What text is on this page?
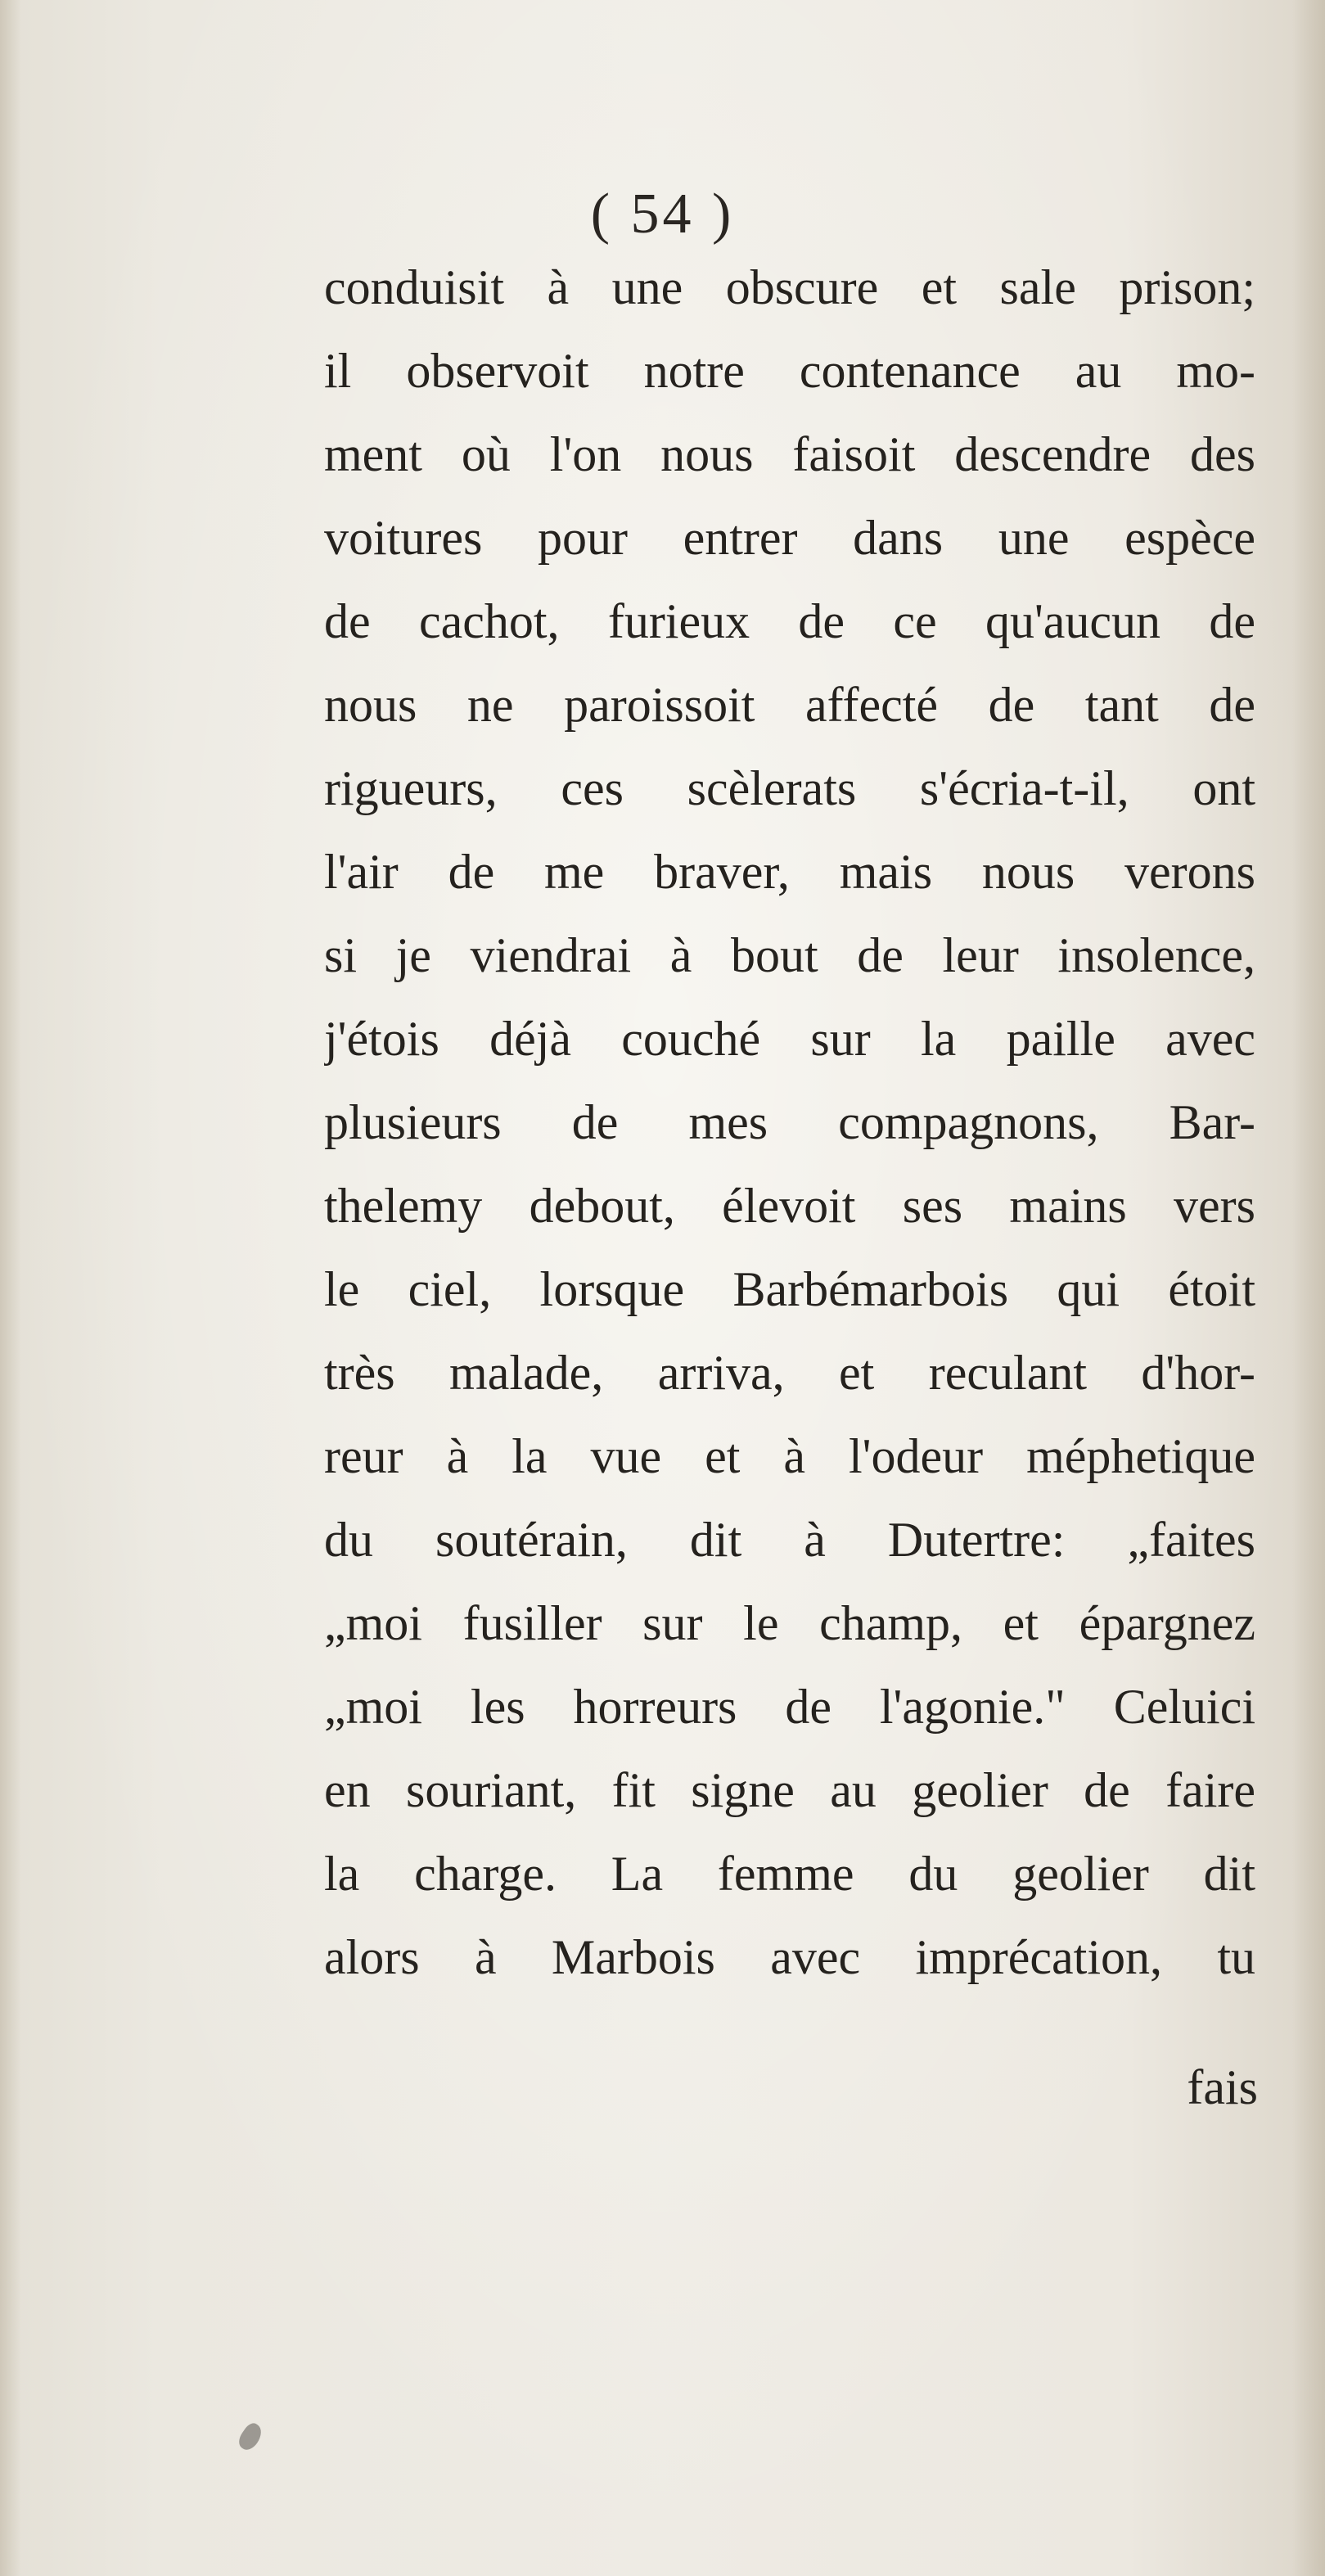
( 54 )
conduisit à une obscure et sale prison;
il observoit notre contenance au mo-
ment où l'on nous faisoit descendre des
voitures pour entrer dans une espèce
de cachot, furieux de ce qu'aucun de
nous ne paroissoit affecté de tant de
rigueurs, ces scèlerats s'écria-t-il, ont
l'air de me braver, mais nous verons
si je viendrai à bout de leur insolence,
j'étois déjà couché sur la paille avec
plusieurs de mes compagnons, Bar-
thelemy debout, élevoit ses mains vers
le ciel, lorsque Barbémarbois qui étoit
très malade, arriva, et reculant d'hor-
reur à la vue et à l'odeur méphetique
du soutérain, dit à Dutertre: „faites
„moi fusiller sur le champ, et épargnez
„moi les horreurs de l'agonie." Celuici
en souriant, fit signe au geolier de faire
la charge. La femme du geolier dit
alors à Marbois avec imprécation, tu
fais
